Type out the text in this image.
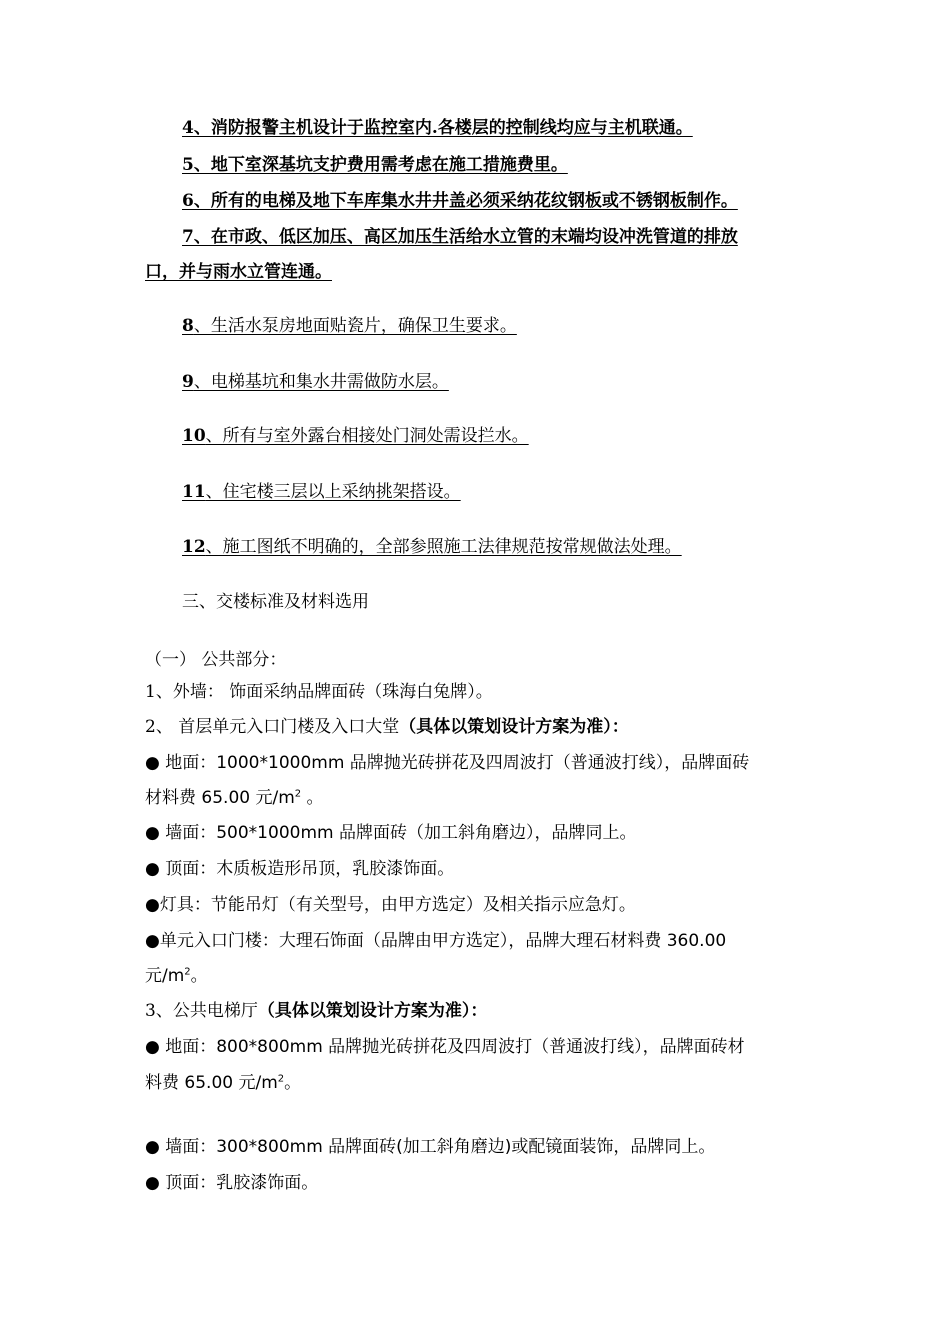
4、消防报警主机设计于监控室内.各楼层的控制线均应与主机联通。
5、地下室深基坑支护费用需考虑在施工措施费里。
6、所有的电梯及地下车库集水井井盖必须采纳花纹钢板或不锈钢板制作。
7、在市政、低区加压、高区加压生活给水立管的末端均设冲洗管道的排放
口，并与雨水立管连通。
8、生活水泵房地面贴瓷片，确保卫生要求。
9、电梯基坑和集水井需做防水层。
10、所有与室外露台相接处门洞处需设拦水。
11、住宅楼三层以上采纳挑架搭设。
12、施工图纸不明确的，全部参照施工法律规范按常规做法处理。
三、交楼标准及材料选用
（一） 公共部分：
1、外墙： 饰面采纳品牌面砖（珠海白兔牌）。
2、 首层单元入口门楼及入口大堂（具体以策划设计方案为准）：
● 地面：1000*1000mm 品牌抛光砖拼花及四周波打（普通波打线），品牌面砖
材料费 65.00 元$/m^2$ 。
● 墙面：500*1000mm 品牌面砖（加工斜角磨边），品牌同上。
● 顶面：木质板造形吊顶，乳胶漆饰面。
●灯具：节能吊灯（有关型号，由甲方选定）及相关指示应急灯。
●单元入口门楼：大理石饰面（品牌由甲方选定），品牌大理石材料费 360.00
元$/m^2$。
3、公共电梯厅（具体以策划设计方案为准）：
● 地面：800*800mm 品牌抛光砖拼花及四周波打（普通波打线），品牌面砖材
料费 65.00 元$/m^2$。
● 墙面：300*800mm 品牌面砖(加工斜角磨边)或配镜面装饰，品牌同上。
● 顶面：乳胶漆饰面。
